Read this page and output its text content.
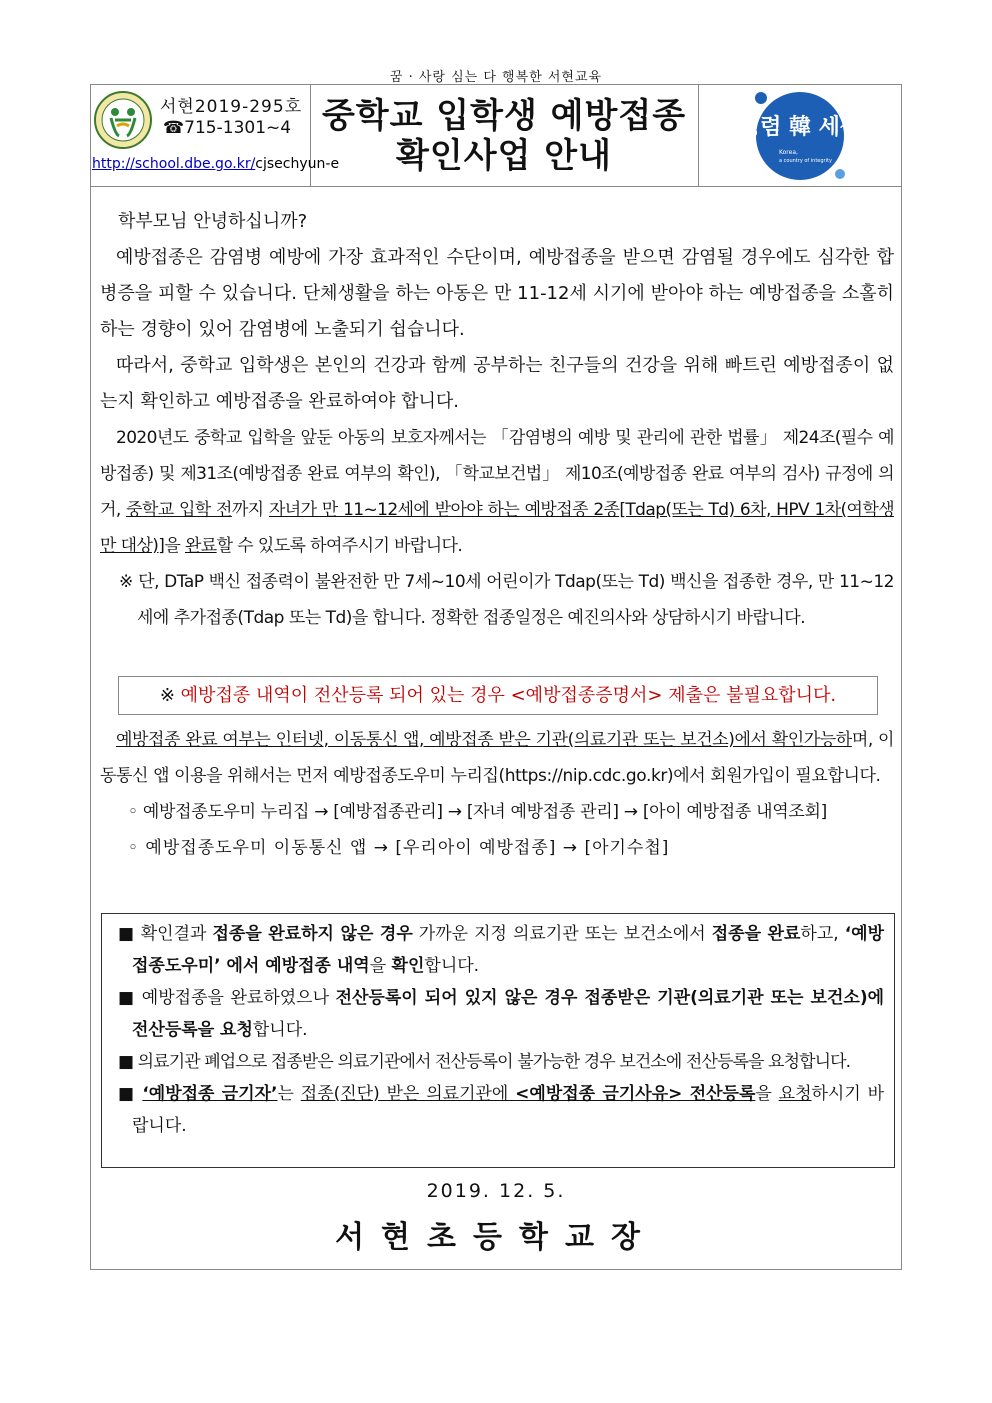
꿈 · 사랑 심는 다 행복한 서현교육
서현2019-295호
☎715-1301~4
http://school.dbe.go.kr/cjsechyun-e
중학교 입학생 예방접종
확인사업 안내
청렴 韓 세상
Korea,
a country of integrity

학부모님 안녕하십니까?

예방접종은 감염병 예방에 가장 효과적인 수단이며, 예방접종을 받으면 감염될 경우에도 심각한 합병증을 피할 수 있습니다. 단체생활을 하는 아동은 만 11-12세 시기에 받아야 하는 예방접종을 소홀히 하는 경향이 있어 감염병에 노출되기 쉽습니다.

따라서, 중학교 입학생은 본인의 건강과 함께 공부하는 친구들의 건강을 위해 빠트린 예방접종이 없는지 확인하고 예방접종을 완료하여야 합니다.

2020년도 중학교 입학을 앞둔 아동의 보호자께서는 「감염병의 예방 및 관리에 관한 법률」 제24조(필수 예방접종) 및 제31조(예방접종 완료 여부의 확인), 「학교보건법」 제10조(예방접종 완료 여부의 검사) 규정에 의거, 중학교 입학 전까지 자녀가 만 11~12세에 받아야 하는 예방접종 2종[Tdap(또는 Td) 6차, HPV 1차(여학생만 대상)]을 완료할 수 있도록 하여주시기 바랍니다.

※ 단, DTaP 백신 접종력이 불완전한 만 7세~10세 어린이가 Tdap(또는 Td) 백신을 접종한 경우, 만 11~12세에 추가접종(Tdap 또는 Td)을 합니다. 정확한 접종일정은 예진의사와 상담하시기 바랍니다.

※ 예방접종 내역이 전산등록 되어 있는 경우 <예방접종증명서> 제출은 불필요합니다.

예방접종 완료 여부는 인터넷, 이동통신 앱, 예방접종 받은 기관(의료기관 또는 보건소)에서 확인가능하며, 이동통신 앱 이용을 위해서는 먼저 예방접종도우미 누리집(https://nip.cdc.go.kr)에서 회원가입이 필요합니다.

◦ 예방접종도우미 누리집 → [예방접종관리] → [자녀 예방접종 관리] → [아이 예방접종 내역조회]

◦ 예방접종도우미 이동통신 앱 → [우리아이 예방접종] → [아기수첩]

■ 확인결과 접종을 완료하지 않은 경우 가까운 지정 의료기관 또는 보건소에서 접종을 완료하고, ‘예방접종도우미’ 에서 예방접종 내역을 확인합니다.

■ 예방접종을 완료하였으나 전산등록이 되어 있지 않은 경우 접종받은 기관(의료기관 또는 보건소)에 전산등록을 요청합니다.

■ 의료기관 폐업으로 접종받은 의료기관에서 전산등록이 불가능한 경우 보건소에 전산등록을 요청합니다.

■ ‘예방접종 금기자’는 접종(진단) 받은 의료기관에 <예방접종 금기사유> 전산등록을 요청하시기 바랍니다.

2019. 12. 5.
서현초등학교장
